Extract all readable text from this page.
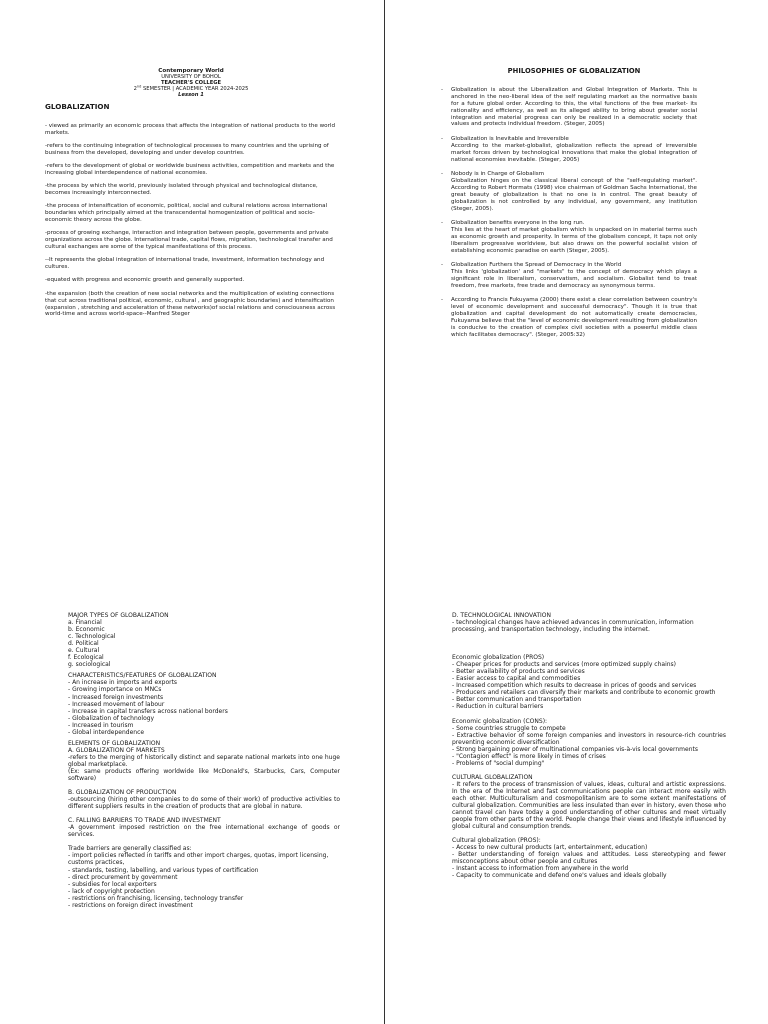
Contemporary World
UNIVERSITY OF BOHOL
TEACHER'S COLLEGE
2nd SEMESTER | ACADEMIC YEAR 2024-2025
Lesson 1
GLOBALIZATION
- viewed as primarily an economic process that affects the integration of national products to the world markets.
-refers to the continuing integration of technological processes to many countries and the uprising of business from the developed, developing and under develop countries.
-refers to the development of global or worldwide business activities, competition and markets and the increasing global interdependence of national economies.
-the process by which the world, previously isolated through physical and technological distance, becomes increasingly interconnected.
-the process of intensification of economic, political, social and cultural relations across international boundaries which principally aimed at the transcendental homogenization of political and socio-economic theory across the globe.
-process of growing exchange, interaction and integration between people, governments and private organizations across the globe. International trade, capital flows, migration, technological transfer and cultural exchanges are some of the typical manifestations of this process.
--It represents the global integration of international trade, investment, information technology and cultures.
-equated with progress and economic growth and generally supported.
-the expansion (both the creation of new social networks and the multiplication of existing connections that cut across traditional political, economic, cultural , and geographic boundaries) and intensification (expansion , stretching and acceleration of these networks)of social relations and consciousness across world-time and across world-space--Manfred Steger
PHILOSOPHIES OF GLOBALIZATION
- Globalization is about the Liberalization and Global Integration of Markets. This is anchored in the neo-liberal idea of the self regulating market as the normative basis for a future global order. According to this, the vital functions of the free market- its rationality and efficiency, as well as its alleged ability to bring about greater social integration and material progress can only be realized in a democratic society that values and protects individual freedom. (Steger, 2005)
- Globalization is Inevitable and Irreversible
According to the market-globalist, globalization reflects the spread of irreversible market forces driven by technological innovations that make the global integration of national economies inevitable. (Steger, 2005)
- Nobody is in Charge of Globalism
Globalization hinges on the classical liberal concept of the "self-regulating market". According to Robert Hormats (1998) vice chairman of Goldman Sachs International, the great beauty of globalization is that no one is in control. The great beauty of globalization is not controlled by any individual, any government, any institution (Steger, 2005).
- Globalization benefits everyone in the long run.
This lies at the heart of market globalism which is unpacked on in material terms such as economic growth and prosperity. In terms of the globalism concept, it taps not only liberalism progressive worldview, but also draws on the powerful socialist vision of establishing economic paradise on earth (Steger, 2005).
- Globalization Furthers the Spread of Democracy in the World
This links 'globalization' and "markets" to the concept of democracy which plays a significant role in liberalism, conservatism, and socialism. Globalist tend to treat freedom, free markets, free trade and democracy as synonymous terms.
- According to Francis Fukuyama (2000) there exist a clear correlation between country's level of economic development and successful democracy". Though it is true that globalization and capital development do not automatically create democracies, Fukuyama believe that the "level of economic development resulting from globalization is conducive to the creation of complex civil societies with a powerful middle class which facilitates democracy". (Steger, 2005:32)
MAJOR TYPES OF GLOBALIZATION
a. Financial
b. Economic
c. Technological
d. Political
e. Cultural
f. Ecological
g. sociological
CHARACTERISTICS/FEATURES OF GLOBALIZATION
- An increase in imports and exports
- Growing importance on MNCs
- Increased foreign investments
- Increased movement of labour
- Increase in capital transfers across national borders
- Globalization of technology
- Increased in tourism
- Global interdependence
ELEMENTS OF GLOBALIZATION
A. GLOBALIZATION OF MARKETS
-refers to the merging of historically distinct and separate national markets into one huge global marketplace.
(Ex: same products offering worldwide like McDonald's, Starbucks, Cars, Computer software)
B. GLOBALIZATION OF PRODUCTION
-outsourcing (hiring other companies to do some of their work) of productive activities to different suppliers results in the creation of products that are global in nature.
C. FALLING BARRIERS TO TRADE AND INVESTMENT
-A government imposed restriction on the free international exchange of goods or services.
Trade barriers are generally classified as:
- import policies reflected in tariffs and other import charges, quotas, import licensing, customs practices,
- standards, testing, labelling, and various types of certification
- direct procurement by government
- subsidies for local exporters
- lack of copyright protection
- restrictions on franchising, licensing, technology transfer
- restrictions on foreign direct investment
D. TECHNOLOGICAL INNOVATION
- technological changes have achieved advances in communication, information
processing, and transportation technology, including the internet.
Economic globalization (PROS)
- Cheaper prices for products and services (more optimized supply chains)
- Better availability of products and services
- Easier access to capital and commodities
- Increased competition which results to decrease in prices of goods and services
- Producers and retailers can diversify their markets and contribute to economic growth
- Better communication and transportation
- Reduction in cultural barriers
Economic globalization (CONS):
- Some countries struggle to compete
- Extractive behavior of some foreign companies and investors in resource-rich countries preventing economic diversification
- Strong bargaining power of multinational companies vis-à-vis local governments
- "Contagion effect" is more likely in times of crises
- Problems of "social dumping"
CULTURAL GLOBALIZATION
- It refers to the process of transmission of values, ideas, cultural and artistic expressions. In the era of the Internet and fast communications people can interact more easily with each other. Multiculturalism and cosmopolitanism are to some extent manifestations of cultural globalization. Communities are less insulated than ever in history, even those who cannot travel can have today a good understanding of other cultures and meet virtually people from other parts of the world. People change their views and lifestyle influenced by global cultural and consumption trends.
Cultural globalization (PROS):
- Access to new cultural products (art, entertainment, education)
- Better understanding of foreign values and attitudes. Less stereotyping and fewer misconceptions about other people and cultures
- Instant access to information from anywhere in the world
- Capacity to communicate and defend one's values and ideals globally
